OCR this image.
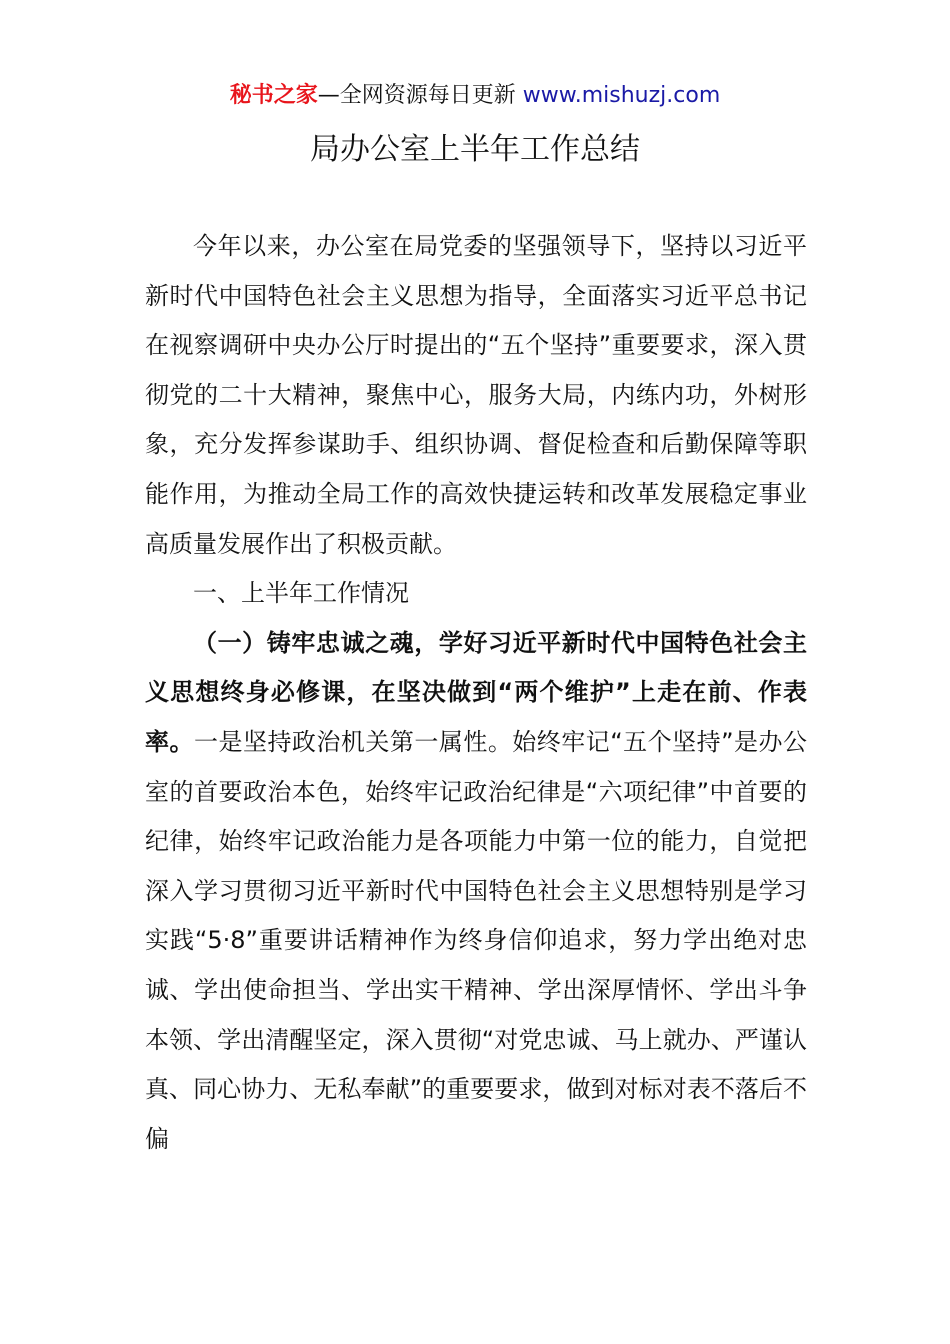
秘书之家—全网资源每日更新 www.mishuzj.com
局办公室上半年工作总结

今年以来，办公室在局党委的坚强领导下，坚持以习近平新时代中国特色社会主义思想为指导，全面落实习近平总书记在视察调研中央办公厅时提出的“五个坚持”重要要求，深入贯彻党的二十大精神，聚焦中心，服务大局，内练内功，外树形象，充分发挥参谋助手、组织协调、督促检查和后勤保障等职能作用，为推动全局工作的高效快捷运转和改革发展稳定事业高质量发展作出了积极贡献。

一、上半年工作情况

（一）铸牢忠诚之魂，学好习近平新时代中国特色社会主义思想终身必修课，在坚决做到“两个维护”上走在前、作表率。一是坚持政治机关第一属性。始终牢记“五个坚持”是办公室的首要政治本色，始终牢记政治纪律是“六项纪律”中首要的纪律，始终牢记政治能力是各项能力中第一位的能力，自觉把深入学习贯彻习近平新时代中国特色社会主义思想特别是学习实践“5·8”重要讲话精神作为终身信仰追求，努力学出绝对忠诚、学出使命担当、学出实干精神、学出深厚情怀、学出斗争本领、学出清醒坚定，深入贯彻“对党忠诚、马上就办、严谨认真、同心协力、无私奉献”的重要要求，做到对标对表不落后不偏
